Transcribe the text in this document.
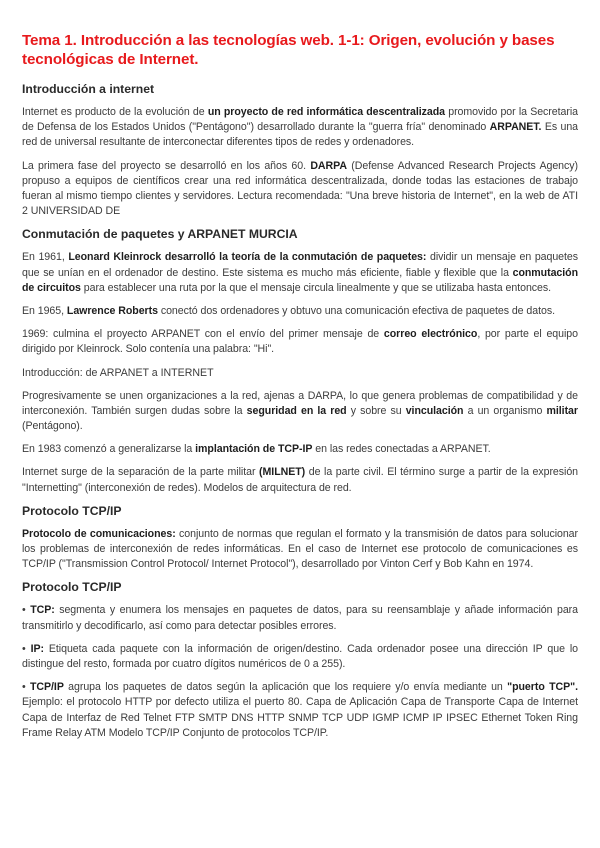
Tema 1. Introducción a las tecnologías web. 1-1: Origen, evolución y bases tecnológicas de Internet.
Introducción a internet

Internet es producto de la evolución de un proyecto de red informática descentralizada promovido por la Secretaria de Defensa de los Estados Unidos ("Pentágono") desarrollado durante la "guerra fría" denominado ARPANET. Es una red de universal resultante de interconectar diferentes tipos de redes y ordenadores.

La primera fase del proyecto se desarrolló en los años 60. DARPA (Defense Advanced Research Projects Agency) propuso a equipos de científicos crear una red informática descentralizada, donde todas las estaciones de trabajo fueran al mismo tiempo clientes y servidores. Lectura recomendada: "Una breve historia de Internet", en la web de ATI 2 UNIVERSIDAD DE

Conmutación de paquetes y ARPANET MURCIA

En 1961, Leonard Kleinrock desarrolló la teoría de la conmutación de paquetes: dividir un mensaje en paquetes que se unían en el ordenador de destino. Este sistema es mucho más eficiente, fiable y flexible que la conmutación de circuitos para establecer una ruta por la que el mensaje circula linealmente y que se utilizaba hasta entonces.

En 1965, Lawrence Roberts conectó dos ordenadores y obtuvo una comunicación efectiva de paquetes de datos.

1969: culmina el proyecto ARPANET con el envío del primer mensaje de correo electrónico, por parte el equipo dirigido por Kleinrock. Solo contenía una palabra: "Hi".

Introducción: de ARPANET a INTERNET

Progresivamente se unen organizaciones a la red, ajenas a DARPA, lo que genera problemas de compatibilidad y de interconexión. También surgen dudas sobre la seguridad en la red y sobre su vinculación a un organismo militar (Pentágono).

En 1983 comenzó a generalizarse la implantación de TCP-IP en las redes conectadas a ARPANET.

Internet surge de la separación de la parte militar (MILNET) de la parte civil. El término surge a partir de la expresión "Internetting" (interconexión de redes). Modelos de arquitectura de red.

Protocolo TCP/IP

Protocolo de comunicaciones: conjunto de normas que regulan el formato y la transmisión de datos para solucionar los problemas de interconexión de redes informáticas. En el caso de Internet ese protocolo de comunicaciones es TCP/IP ("Transmission Control Protocol/ Internet Protocol"), desarrollado por Vinton Cerf y Bob Kahn en 1974.

Protocolo TCP/IP

• TCP: segmenta y enumera los mensajes en paquetes de datos, para su reensamblaje y añade información para transmitirlo y decodificarlo, así como para detectar posibles errores.

• IP: Etiqueta cada paquete con la información de origen/destino. Cada ordenador posee una dirección IP que lo distingue del resto, formada por cuatro dígitos numéricos de 0 a 255).

• TCP/IP agrupa los paquetes de datos según la aplicación que los requiere y/o envía mediante un "puerto TCP". Ejemplo: el protocolo HTTP por defecto utiliza el puerto 80. Capa de Aplicación Capa de Transporte Capa de Internet Capa de Interfaz de Red Telnet FTP SMTP DNS HTTP SNMP TCP UDP IGMP ICMP IP IPSEC Ethernet Token Ring Frame Relay ATM Modelo TCP/IP Conjunto de protocolos TCP/IP.
